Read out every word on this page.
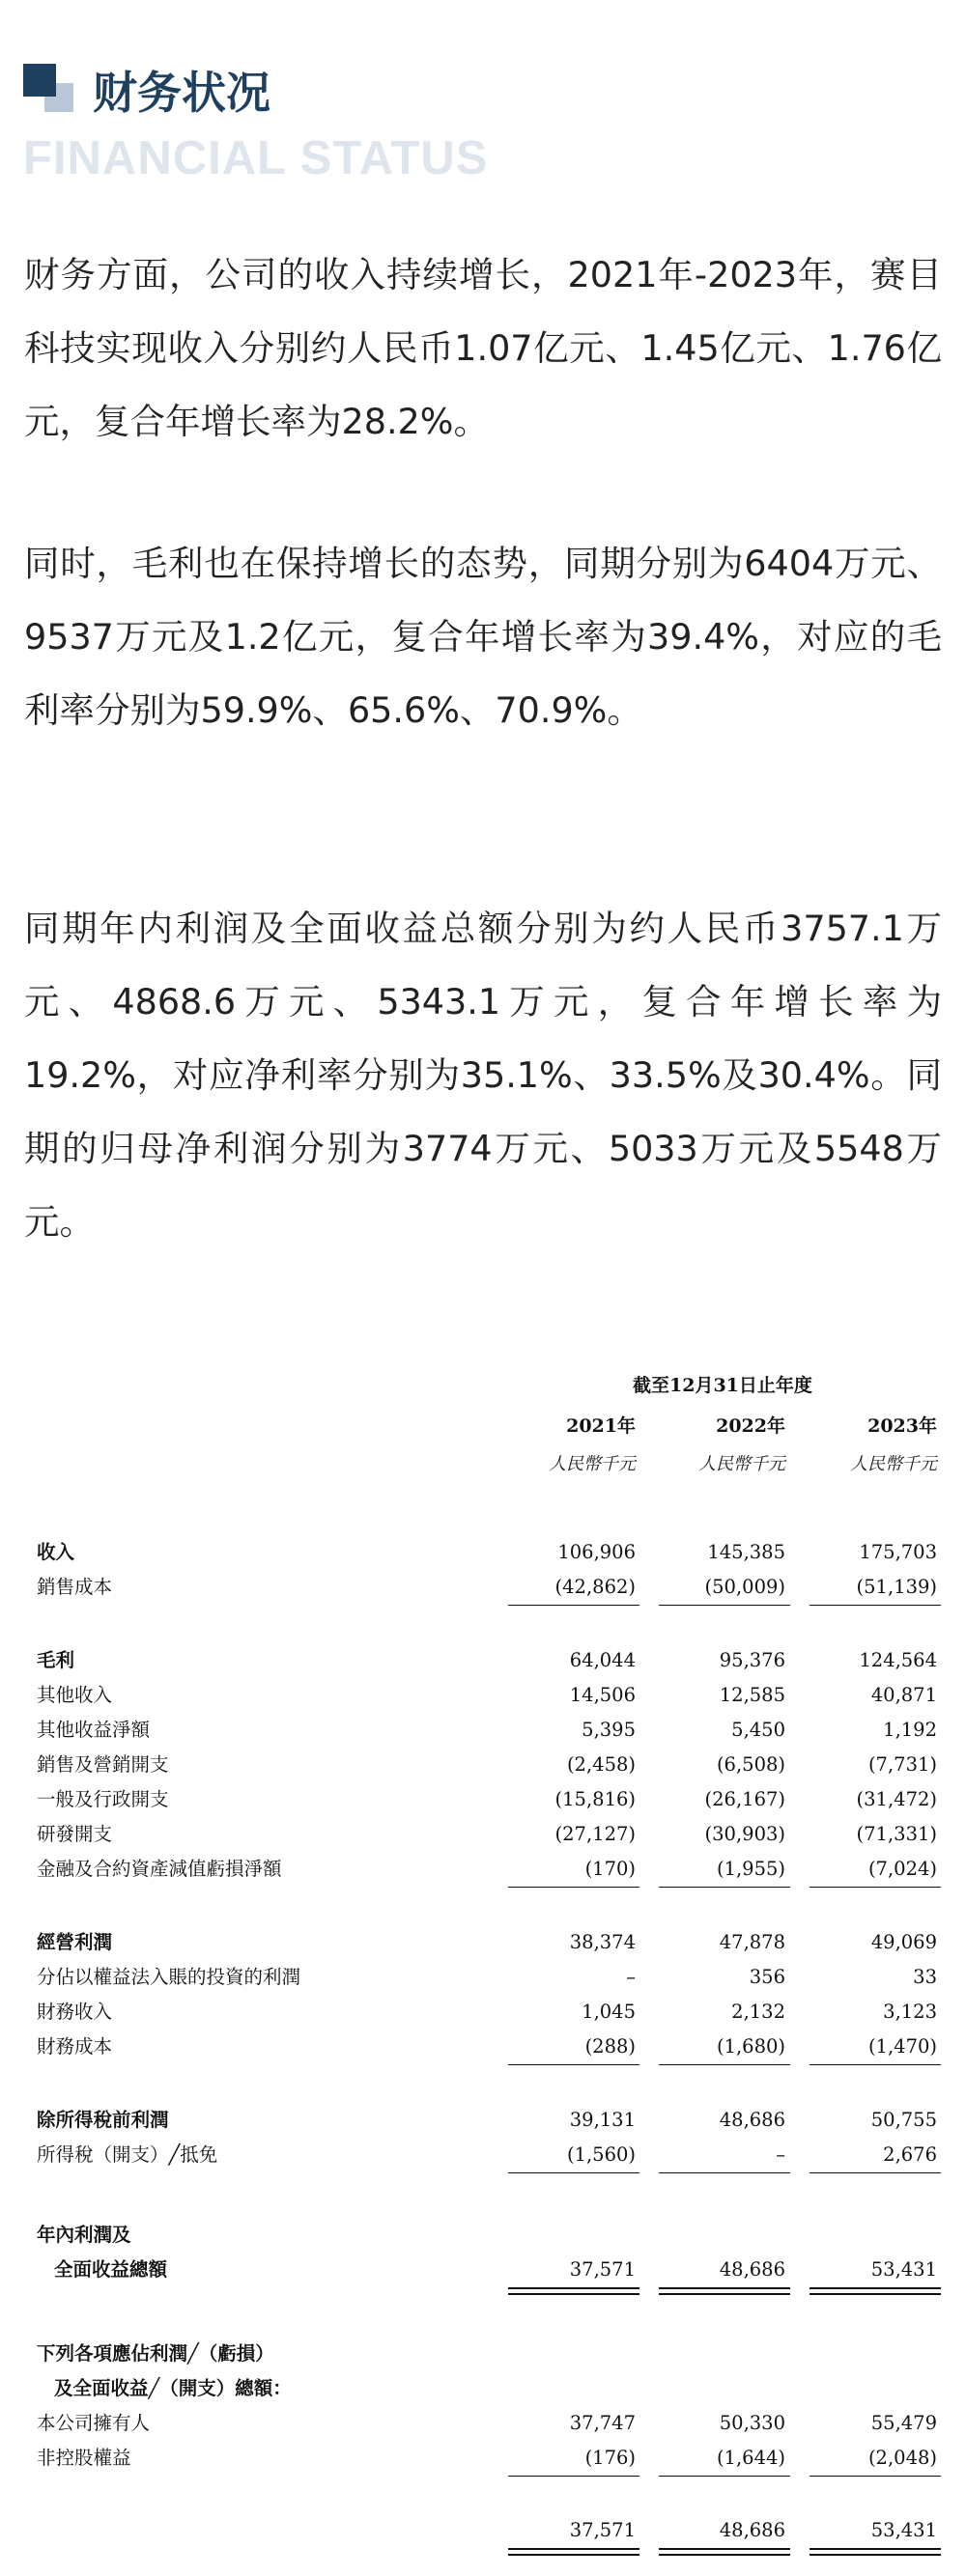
FINANCIAL STATUS
财务状况

财务方面，公司的收入持续增长，2021年-2023年，赛目科技实现收入分别约人民币1.07亿元、1.45亿元、1.76亿元，复合年增长率为28.2%。

同时，毛利也在保持增长的态势，同期分别为6404万元、9537万元及1.2亿元，复合年增长率为39.4%，对应的毛利率分别为59.9%、65.6%、70.9%。

同期年内利润及全面收益总额分别为约人民币3757.1万元、4868.6万元、5343.1万元，复合年增长率为19.2%，对应净利率分别为35.1%、33.5%及30.4%。同期的归母净利润分别为3774万元、5033万元及5548万元。

截至12月31日止年度
2021年	2022年	2023年
人民幣千元	人民幣千元	人民幣千元
收入	106,906	145,385	175,703
銷售成本	(42,862)	(50,009)	(51,139)
毛利	64,044	95,376	124,564
其他收入	14,506	12,585	40,871
其他收益淨額	5,395	5,450	1,192
銷售及營銷開支	(2,458)	(6,508)	(7,731)
一般及行政開支	(15,816)	(26,167)	(31,472)
研發開支	(27,127)	(30,903)	(71,331)
金融及合約資產減值虧損淨額	(170)	(1,955)	(7,024)
經營利潤	38,374	47,878	49,069
分佔以權益法入賬的投資的利潤	–	356	33
財務收入	1,045	2,132	3,123
財務成本	(288)	(1,680)	(1,470)
除所得稅前利潤	39,131	48,686	50,755
所得稅（開支）╱抵免	(1,560)	–	2,676
年內利潤及
全面收益總額	37,571	48,686	53,431
下列各項應佔利潤╱（虧損）
及全面收益╱（開支）總額：
本公司擁有人	37,747	50,330	55,479
非控股權益	(176)	(1,644)	(2,048)
37,571	48,686	53,431
